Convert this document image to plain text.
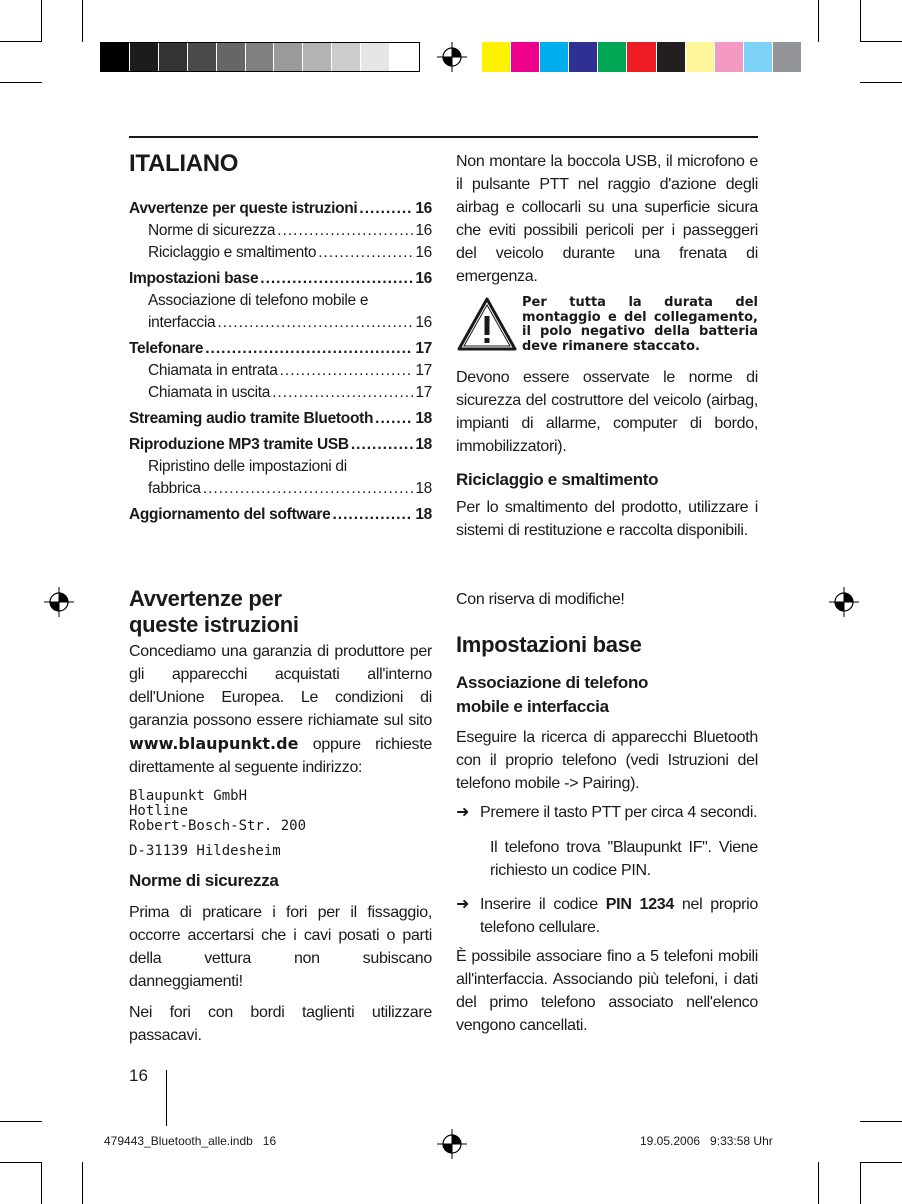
ITALIANO
Avvertenze per queste istruzioni .....	16
Norme di sicurezza .....	16
Riciclaggio e smaltimento .....	16
Impostazioni base .....	16
Associazione di telefono mobile e
interfaccia .....	16
Telefonare .....	17
Chiamata in entrata .....	17
Chiamata in uscita .....	17
Streaming audio tramite Bluetooth .....	18
Riproduzione MP3 tramite USB .....	18
Ripristino delle impostazioni di
fabbrica .....	18
Aggiornamento del software .....	18
Avvertenze per
queste istruzioni

Concediamo una garanzia di produttore per gli apparecchi acquistati all'interno dell'Unione Europea. Le condizioni di garanzia possono essere richiamate sul sito www.blaupunkt.de oppure richieste direttamente al seguente indirizzo:

Blaupunkt GmbH
Hotline
Robert-Bosch-Str. 200
D-31139 Hildesheim
Norme di sicurezza

Prima di praticare i fori per il fissaggio, occorre accertarsi che i cavi posati o parti della vettura non subiscano danneggiamenti!

Nei fori con bordi taglienti utilizzare passacavi.

16

Non montare la boccola USB, il microfono e il pulsante PTT nel raggio d'azione degli airbag e collocarli su una superficie sicura che eviti possibili pericoli per i passeggeri del veicolo durante una frenata di emergenza.

Per tutta la durata del montaggio e del collegamento, il polo negativo della batteria deve rimanere staccato.

Devono essere osservate le norme di sicurezza del costruttore del veicolo (airbag, impianti di allarme, computer di bordo, immobilizzatori).

Riciclaggio e smaltimento

Per lo smaltimento del prodotto, utilizzare i sistemi di restituzione e raccolta disponibili.

Con riserva di modifiche!
Impostazioni base
Associazione di telefono
mobile e interfaccia

Eseguire la ricerca di apparecchi Bluetooth con il proprio telefono (vedi Istruzioni del telefono mobile -> Pairing).

➜ Premere il tasto PTT per circa 4 secondi.
Il telefono trova "Blaupunkt IF". Viene richiesto un codice PIN.
➜ Inserire il codice PIN 1234 nel proprio telefono cellulare.

È possibile associare fino a 5 telefoni mobili all'interfaccia. Associando più telefoni, i dati del primo telefono associato nell'elenco vengono cancellati.

479443_Bluetooth_alle.indb   16	19.05.2006   9:33:58 Uhr
